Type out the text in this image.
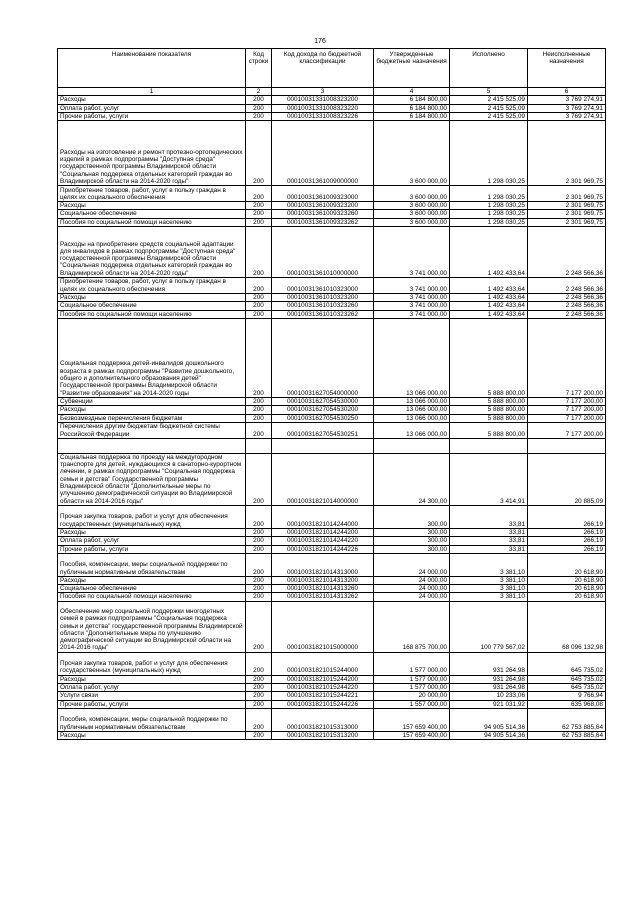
176
Наименование показателя	Код строки	Код дохода по бюджетной классификации	Утвержденные бюджетные назначения	Исполнено	Неисполненные назначения
1	2	3	4	5	6
Расходы	200	000100313310083232​00	6 184 800,00	2 415 525,09	3 769 274,91
Оплата работ, услуг	200	00010031331008323220	6 184 800,00	2 415 525,09	3 769 274,91
Прочие работы, услуги	200	00010031331008323226	6 184 800,00	2 415 525,09	3 769 274,91
Расходы на изготовление и ремонт протезно-ортопедических изделий в рамках подпрограммы "Доступная среда" государственной программы Владимирской области "Социальная поддержка отдельных категорий граждан во Владимирской области на 2014-2020 годы"	200	00010031361009000000	3 600 000,00	1 298 030,25	2 301 969,75
Приобретение товаров, работ, услуг в пользу граждан в целях их социального обеспечения	200	00010031361009323000	3 600 000,00	1 298 030,25	2 301 969,75
Расходы	200	00010031361009323200	3 600 000,00	1 298 030,25	2 301 969,75
Социальное обеспечение	200	00010031361009323260	3 600 000,00	1 298 030,25	2 301 969,75
Пособия по социальной помощи населению	200	00010031361009323262	3 600 000,00	1 298 030,25	2 301 969,75
Расходы на приобретение средств социальной адаптации для инвалидов в рамках подпрограммы "Доступная среда" государственной программы Владимирской области "Социальная поддержка отдельных категорий граждан во Владимирской области на 2014-2020 годы"	200	00010031361010000000	3 741 000,00	1 492 433,64	2 248 566,36
Приобретение товаров, работ, услуг в пользу граждан в целях их социального обеспечения	200	00010031361010323000	3 741 000,00	1 492 433,64	2 248 566,36
Расходы	200	00010031361010323200	3 741 000,00	1 492 433,64	2 248 566,36
Социальное обеспечение	200	00010031361010323260	3 741 000,00	1 492 433,64	2 248 566,36
Пособия по социальной помощи населению	200	00010031361010323262	3 741 000,00	1 492 433,64	2 248 566,36
Социальная поддержка детей-инвалидов дошкольного возраста в рамках подпрограммы "Развитие дошкольного, общего и дополнительного образования детей" Государственной программы Владимирской области "Развитие образования" на 2014-2020 годы	200	00010031627054000000	13 066 000,00	5 888 800,00	7 177 200,00
Субвенции	200	00010031627054530000	13 066 000,00	5 888 800,00	7 177 200,00
Расходы	200	00010031627054530200	13 066 000,00	5 888 800,00	7 177 200,00
Безвозмездные перечисления бюджетам	200	00010031627054530250	13 066 000,00	5 888 800,00	7 177 200,00
Перечисления другим бюджетам бюджетной системы Российской Федерации	200	00010031627054530251	13 066 000,00	5 888 800,00	7 177 200,00

Социальная поддержка по проезду на междугородном транспорте для детей, нуждающихся в санаторно-курортном лечении, в рамках подпрограммы "Социальная поддержка семьи и детства" Государственной программы Владимирской области "Дополнительные меры по улучшению демографической ситуации во Владимирской области на 2014-2016 годы"	200	00010031821014000000	24 300,00	3 414,91	20 885,09
Прочая закупка товаров, работ и услуг для обеспечения государственных (муниципальных) нужд	200	00010031821014244000	300,00	33,81	266,19
Расходы	200	00010031821014244200	300,00	33,81	266,19
Оплата работ, услуг	200	00010031821014244220	300,00	33,81	266,19
Прочие работы, услуги	200	00010031821014244226	300,00	33,81	266,19
Пособия, компенсации, меры социальной поддержки по публичным нормативным обязательствам	200	00010031821014313000	24 000,00	3 381,10	20 618,90
Расходы	200	00010031821014313200	24 000,00	3 381,10	20 618,90
Социальное обеспечение	200	00010031821014313260	24 000,00	3 381,10	20 618,90
Пособия по социальной помощи населению	200	00010031821014313262	24 000,00	3 381,10	20 618,90
Обеспечение мер социальной поддержки многодетных семей в рамках подпрограммы "Социальная поддержка семьи и детства" государственной программы Владимирской области "Дополнительные меры по улучшению демографической ситуации во Владимирской области на 2014-2016 годы"	200	00010031821015000000	168 875 700,00	100 779 567,02	68 096 132,98
Прочая закупка товаров, работ и услуг для обеспечения государственных (муниципальных) нужд	200	00010031821015244000	1 577 000,00	931 264,98	645 735,02
Расходы	200	00010031821015244200	1 577 000,00	931 264,98	645 735,02
Оплата работ, услуг	200	00010031821015244220	1 577 000,00	931 264,98	645 735,02
Услуги связи	200	00010031821015244221	20 000,00	10 233,06	9 766,94
Прочие работы, услуги	200	00010031821015244226	1 557 000,00	921 031,92	635 968,08
Пособия, компенсации, меры социальной поддержки по публичным нормативным обязательствам	200	00010031821015313000	157 659 400,00	94 905 514,36	62 753 885,64
Расходы	200	00010031821015313200	157 659 400,00	94 905 514,36	62 753 885,64
